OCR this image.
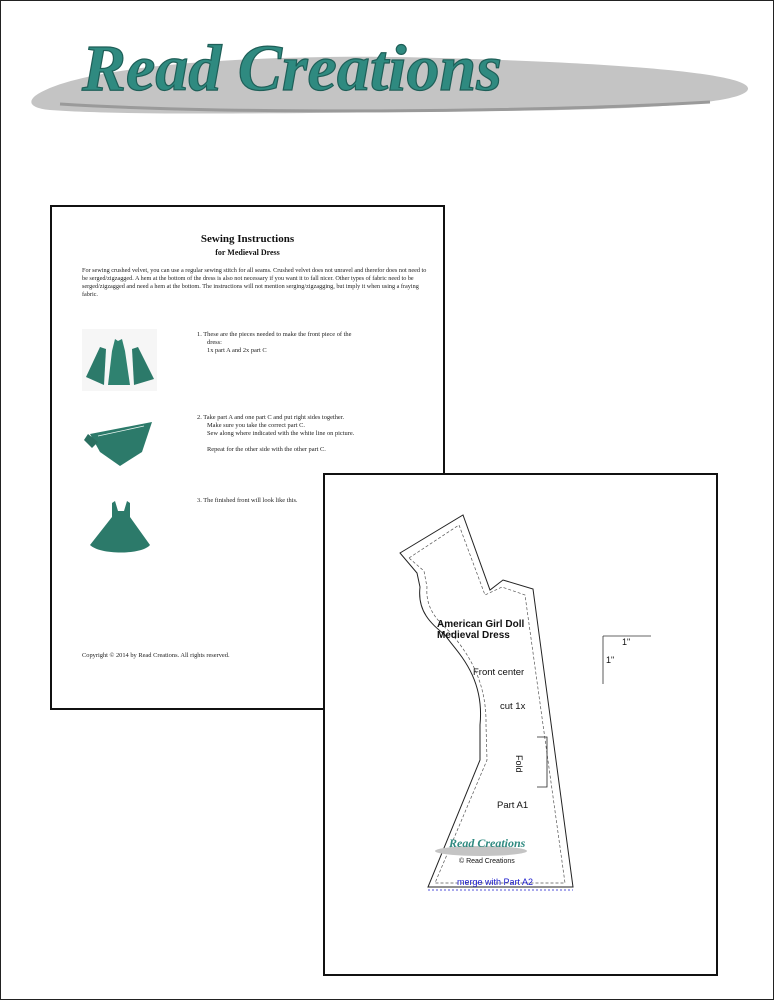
Read Creations
Sewing Instructions
for Medieval Dress

For sewing crushed velvet, you can use a regular sewing stitch for all seams. Crushed velvet does not unravel and therefor does not need to be serged/zigzagged. A hem at the bottom of the dress is also not necessary if you want it to fall nicer. Other types of fabric need to be serged/zigzagged and need a hem at the bottom. The instructions will not mention serging/zigzagging, but imply it when using a fraying fabric.

1. These are the pieces needed to make the front piece of the
dress:
1x part A and 2x part C
2. Take part A and one part C and put right sides together.
Make sure you take the correct part C.
Sew along where indicated with the white line on picture.

Repeat for the other side with the other part C.
3. The finished front will look like this.
Copyright © 2014 by Read Creations. All rights reserved.
Read Creations
American Girl Doll
Medieval Dress
Front center
cut 1x
Fold
Part A1
© Read Creations
merge with Part A2
1"
1"
